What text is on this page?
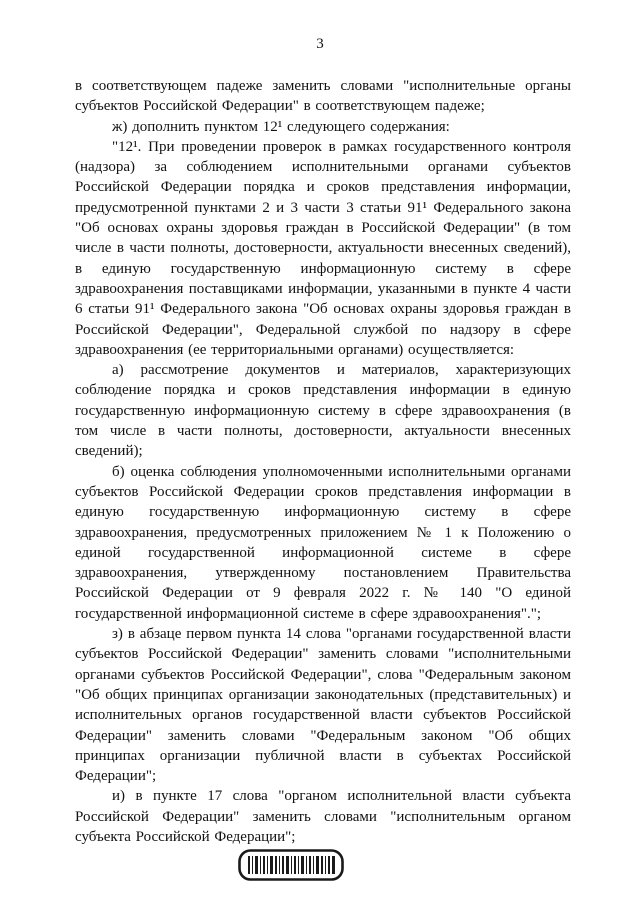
3

в соответствующем падеже заменить словами "исполнительные органы субъектов Российской Федерации" в соответствующем падеже;

ж) дополнить пунктом 12¹ следующего содержания:

"12¹. При проведении проверок в рамках государственного контроля (надзора) за соблюдением исполнительными органами субъектов Российской Федерации порядка и сроков представления информации, предусмотренной пунктами 2 и 3 части 3 статьи 91¹ Федерального закона "Об основах охраны здоровья граждан в Российской Федерации" (в том числе в части полноты, достоверности, актуальности внесенных сведений), в единую государственную информационную систему в сфере здравоохранения поставщиками информации, указанными в пункте 4 части 6 статьи 91¹ Федерального закона "Об основах охраны здоровья граждан в Российской Федерации", Федеральной службой по надзору в сфере здравоохранения (ее территориальными органами) осуществляется:

а) рассмотрение документов и материалов, характеризующих соблюдение порядка и сроков представления информации в единую государственную информационную систему в сфере здравоохранения (в том числе в части полноты, достоверности, актуальности внесенных сведений);

б) оценка соблюдения уполномоченными исполнительными органами субъектов Российской Федерации сроков представления информации в единую государственную информационную систему в сфере здравоохранения, предусмотренных приложением № 1 к Положению о единой государственной информационной системе в сфере здравоохранения, утвержденному постановлением Правительства Российской Федерации от 9 февраля 2022 г. № 140 "О единой государственной информационной системе в сфере здравоохранения".";

з) в абзаце первом пункта 14 слова "органами государственной власти субъектов Российской Федерации" заменить словами "исполнительными органами субъектов Российской Федерации", слова "Федеральным законом "Об общих принципах организации законодательных (представительных) и исполнительных органов государственной власти субъектов Российской Федерации" заменить словами "Федеральным законом "Об общих принципах организации публичной власти в субъектах Российской Федерации";

и) в пункте 17 слова "органом исполнительной власти субъекта Российской Федерации" заменить словами "исполнительным органом субъекта Российской Федерации";
